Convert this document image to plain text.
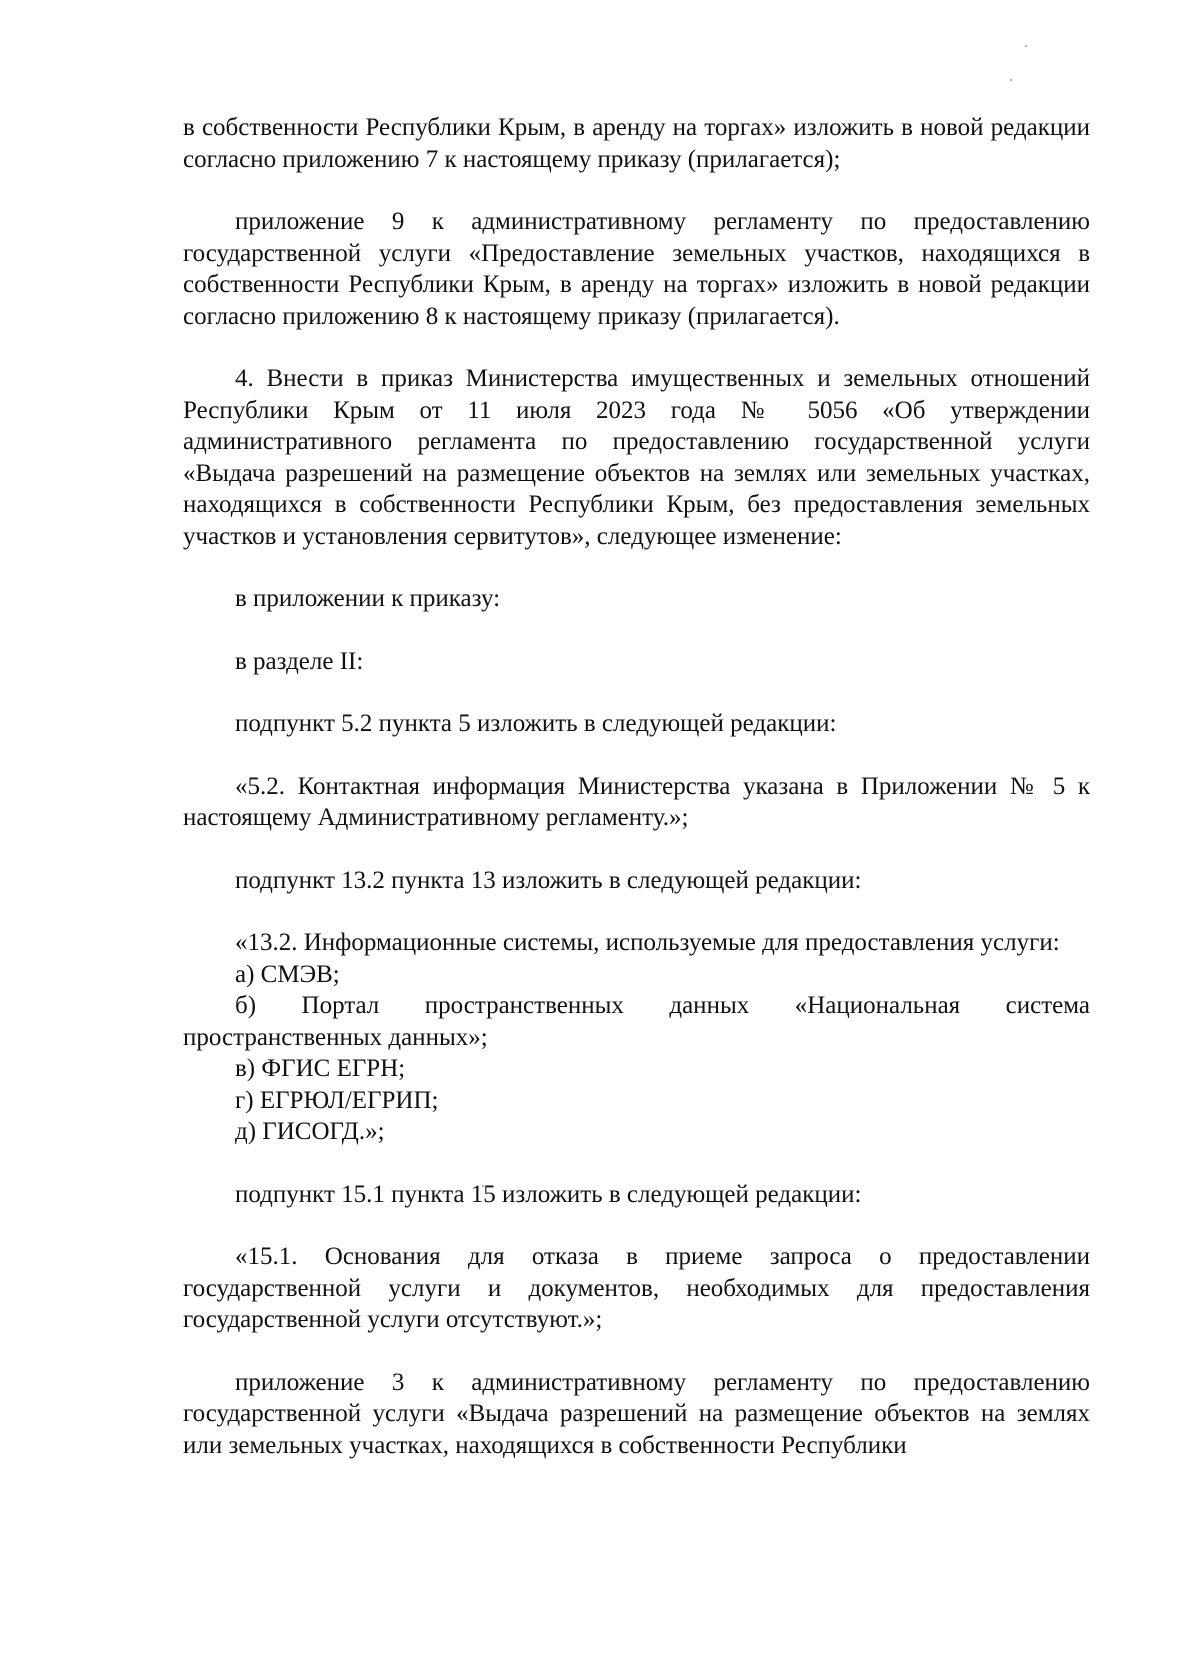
в собственности Республики Крым, в аренду на торгах» изложить в новой редакции согласно приложению 7 к настоящему приказу (прилагается);

приложение 9 к административному регламенту по предоставлению государственной услуги «Предоставление земельных участков, находящихся в собственности Республики Крым, в аренду на торгах» изложить в новой редакции согласно приложению 8 к настоящему приказу (прилагается).

4. Внести в приказ Министерства имущественных и земельных отношений Республики Крым от 11 июля 2023 года № 5056 «Об утверждении административного регламента по предоставлению государственной услуги «Выдача разрешений на размещение объектов на землях или земельных участках, находящихся в собственности Республики Крым, без предоставления земельных участков и установления сервитутов», следующее изменение:

в приложении к приказу:

в разделе II:

подпункт 5.2 пункта 5 изложить в следующей редакции:

«5.2. Контактная информация Министерства указана в Приложении № 5 к настоящему Административному регламенту.»;

подпункт 13.2 пункта 13 изложить в следующей редакции:

«13.2. Информационные системы, используемые для предоставления услуги:

а) СМЭВ;

б) Портал пространственных данных «Национальная система пространственных данных»;

в) ФГИС ЕГРН;

г) ЕГРЮЛ/ЕГРИП;

д) ГИСОГД.»;

подпункт 15.1 пункта 15 изложить в следующей редакции:

«15.1. Основания для отказа в приеме запроса о предоставлении государственной услуги и документов, необходимых для предоставления государственной услуги отсутствуют.»;

приложение 3 к административному регламенту по предоставлению государственной услуги «Выдача разрешений на размещение объектов на землях или земельных участках, находящихся в собственности Республики
